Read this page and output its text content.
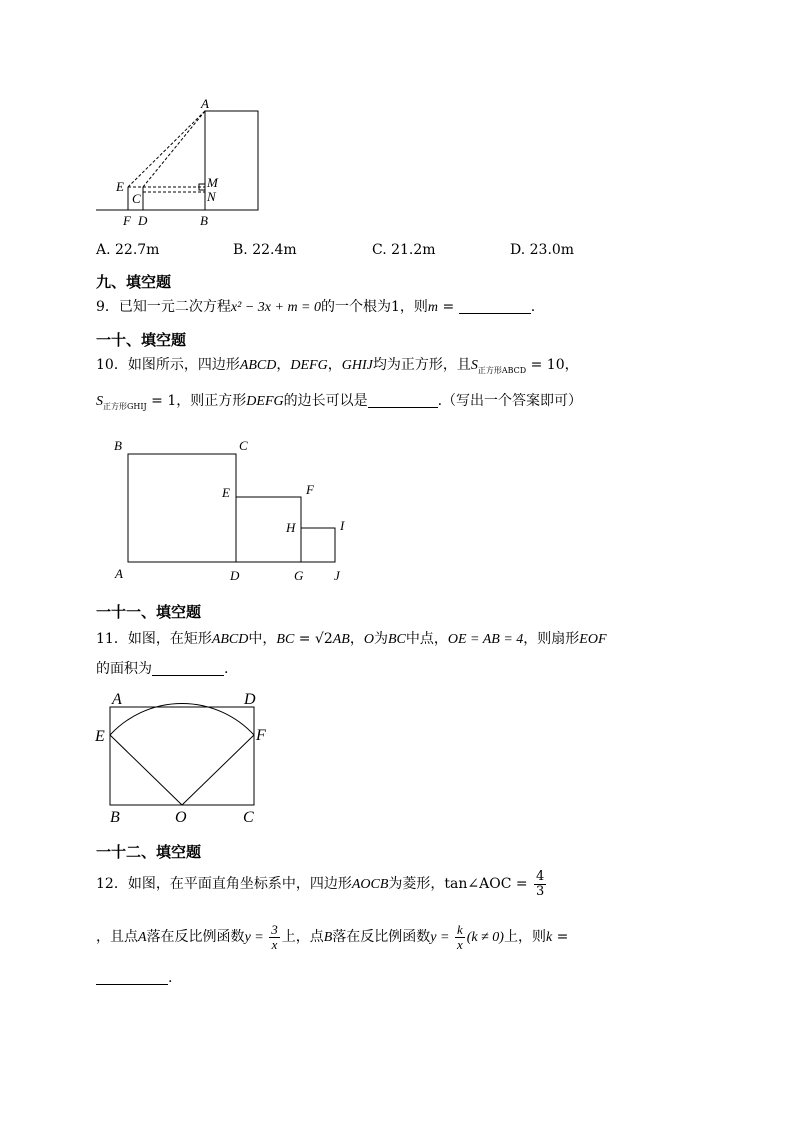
A
E
C
M
N
F D	B
A. 22.7m	B. 22.4m	C. 21.2m	D. 23.0m
九、填空题
9．已知一元二次方程x² − 3x + m = 0的一个根为1，则m =	.
一十、填空题
10．如图所示，四边形ABCD，DEFG，GHIJ均为正方形，且$S_{正方形ABCD} = 10$，
$S_{正方形GHIJ} = 1$，则正方形DEFG的边长可以是	.（写出一个答案即可）
B	C
E	F
H	I
A	D	G J
一十一、填空题
11．如图，在矩形ABCD中，BC = √2AB，O为BC中点，OE = AB = 4，则扇形EOF
的面积为	.
A	D
E	F
B	O	C
一十二、填空题
12．如图，在平面直角坐标系中，四边形AOCB为菱形，tan∠AOC = $\frac{4}{3}$
，且点A落在反比例函数$y = \frac{3}{x}$ 上，点B落在反比例函数$y = \frac{k}{x} (k \ne 0)$上，则k =
.
